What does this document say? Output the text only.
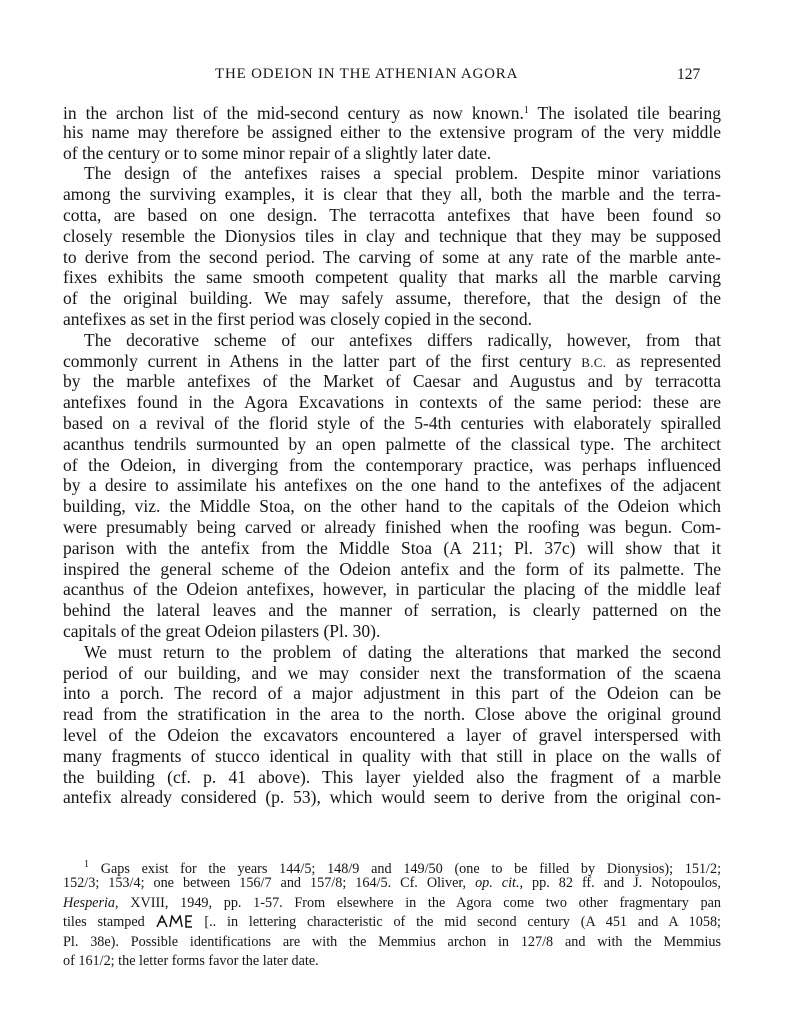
THE ODEION IN THE ATHENIAN AGORA	127
in the archon list of the mid-second century as now known.$^1$ The isolated tile bearing
his name may therefore be assigned either to the extensive program of the very middle
of the century or to some minor repair of a slightly later date.
The design of the antefixes raises a special problem. Despite minor variations
among the surviving examples, it is clear that they all, both the marble and the terra-
cotta, are based on one design. The terracotta antefixes that have been found so
closely resemble the Dionysios tiles in clay and technique that they may be supposed
to derive from the second period. The carving of some at any rate of the marble ante-
fixes exhibits the same smooth competent quality that marks all the marble carving
of the original building. We may safely assume, therefore, that the design of the
antefixes as set in the first period was closely copied in the second.
The decorative scheme of our antefixes differs radically, however, from that
commonly current in Athens in the latter part of the first century B.C. as represented
by the marble antefixes of the Market of Caesar and Augustus and by terracotta
antefixes found in the Agora Excavations in contexts of the same period: these are
based on a revival of the florid style of the 5-4th centuries with elaborately spiralled
acanthus tendrils surmounted by an open palmette of the classical type. The architect
of the Odeion, in diverging from the contemporary practice, was perhaps influenced
by a desire to assimilate his antefixes on the one hand to the antefixes of the adjacent
building, viz. the Middle Stoa, on the other hand to the capitals of the Odeion which
were presumably being carved or already finished when the roofing was begun. Com-
parison with the antefix from the Middle Stoa (A 211; Pl. 37c) will show that it
inspired the general scheme of the Odeion antefix and the form of its palmette. The
acanthus of the Odeion antefixes, however, in particular the placing of the middle leaf
behind the lateral leaves and the manner of serration, is clearly patterned on the
capitals of the great Odeion pilasters (Pl. 30).
We must return to the problem of dating the alterations that marked the second
period of our building, and we may consider next the transformation of the scaena
into a porch. The record of a major adjustment in this part of the Odeion can be
read from the stratification in the area to the north. Close above the original ground
level of the Odeion the excavators encountered a layer of gravel interspersed with
many fragments of stucco identical in quality with that still in place on the walls of
the building (cf. p. 41 above). This layer yielded also the fragment of a marble
antefix already considered (p. 53), which would seem to derive from the original con-
$^1$ Gaps exist for the years 144/5; 148/9 and 149/50 (one to be filled by Dionysios); 151/2;
152/3; 153/4; one between 156/7 and 157/8; 164/5. Cf. Oliver, op. cit., pp. 82 ff. and J. Notopoulos,
Hesperia, XVIII, 1949, pp. 1-57. From elsewhere in the Agora come two other fragmentary pan
tiles stamped	[.. in lettering characteristic of the mid second century (A 451 and A 1058;
Pl. 38e). Possible identifications are with the Memmius archon in 127/8 and with the Memmius
of 161/2; the letter forms favor the later date.
